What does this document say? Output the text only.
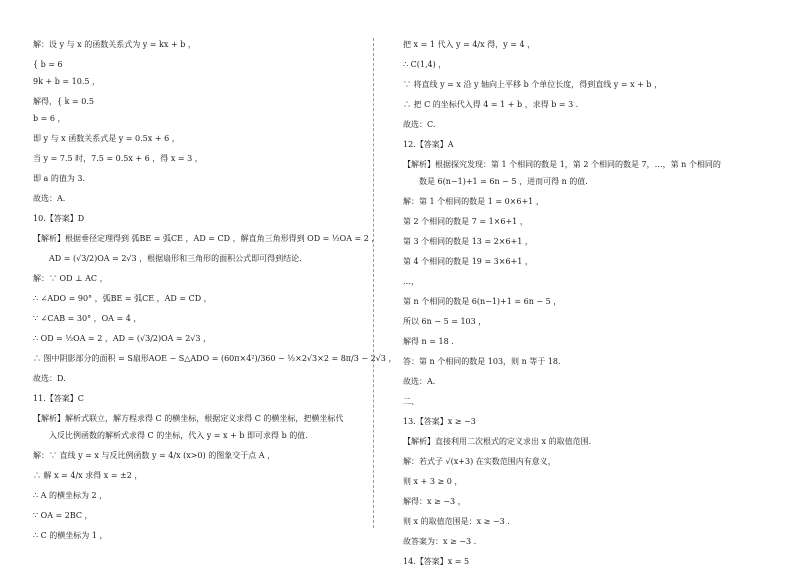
解：设 y 与 x 的函数关系式为 y = kx + b ，
{ b = 6
9k + b = 10.5 ，
解得，{ k = 0.5
b = 6 ，
即 y 与 x 函数关系式是 y = 0.5x + 6 ，
当 y = 7.5 时，7.5 = 0.5x + 6 ，得 x = 3 ，
即 a 的值为 3.
故选：A.
10.【答案】D
【解析】根据垂径定理得到 弧BE = 弧CE ，AD = CD ，解直角三角形得到 OD = ½OA = 2 ，
AD = (√3/2)OA = 2√3 ，根据扇形和三角形的面积公式即可得到结论.
解：∵ OD ⊥ AC ，
∴ ∠ADO = 90° ，弧BE = 弧CE ，AD = CD ，
∵ ∠CAB = 30° ，OA = 4 ，
∴ OD = ½OA = 2 ，AD = (√3/2)OA = 2√3 ，
∴ 图中阴影部分的面积 = S扇形AOE − S△ADO = (60π×4²)/360 − ½×2√3×2 = 8π/3 − 2√3 ，
故选：D.
11.【答案】C
【解析】解析式联立，解方程求得 C 的横坐标，根据定义求得 C 的横坐标，把横坐标代
入反比例函数的解析式求得 C 的坐标，代入 y = x + b 即可求得 b 的值.
解：∵ 直线 y = x 与反比例函数 y = 4/x (x>0) 的图象交于点 A ，
∴ 解 x = 4/x 求得 x = ±2 ，
∴ A 的横坐标为 2 ，
∵ OA = 2BC ，
∴ C 的横坐标为 1 ，
把 x = 1 代入 y = 4/x 得，y = 4 ，
∴ C(1,4) ，
∵ 将直线 y = x 沿 y 轴向上平移 b 个单位长度，得到直线 y = x + b ，
∴ 把 C 的坐标代入得 4 = 1 + b ，求得 b = 3 .
故选：C.
12.【答案】A
【解析】根据探究发现：第 1 个相同的数是 1，第 2 个相同的数是 7，…，第 n 个相同的
数是 6(n−1)+1 = 6n − 5 ，进而可得 n 的值.
解：第 1 个相同的数是 1 = 0×6+1 ，
第 2 个相同的数是 7 = 1×6+1 ，
第 3 个相同的数是 13 = 2×6+1 ，
第 4 个相同的数是 19 = 3×6+1 ，
…，
第 n 个相同的数是 6(n−1)+1 = 6n − 5 ，
所以 6n − 5 = 103 ，
解得 n = 18 .
答：第 n 个相同的数是 103，则 n 等于 18.
故选：A.
二、
13.【答案】x ≥ −3
【解析】直接利用二次根式的定义求出 x 的取值范围.
解：若式子 √(x+3) 在实数范围内有意义，
则 x + 3 ≥ 0 ，
解得：x ≥ −3 ，
则 x 的取值范围是：x ≥ −3 .
故答案为：x ≥ −3 .
14.【答案】x = 5
